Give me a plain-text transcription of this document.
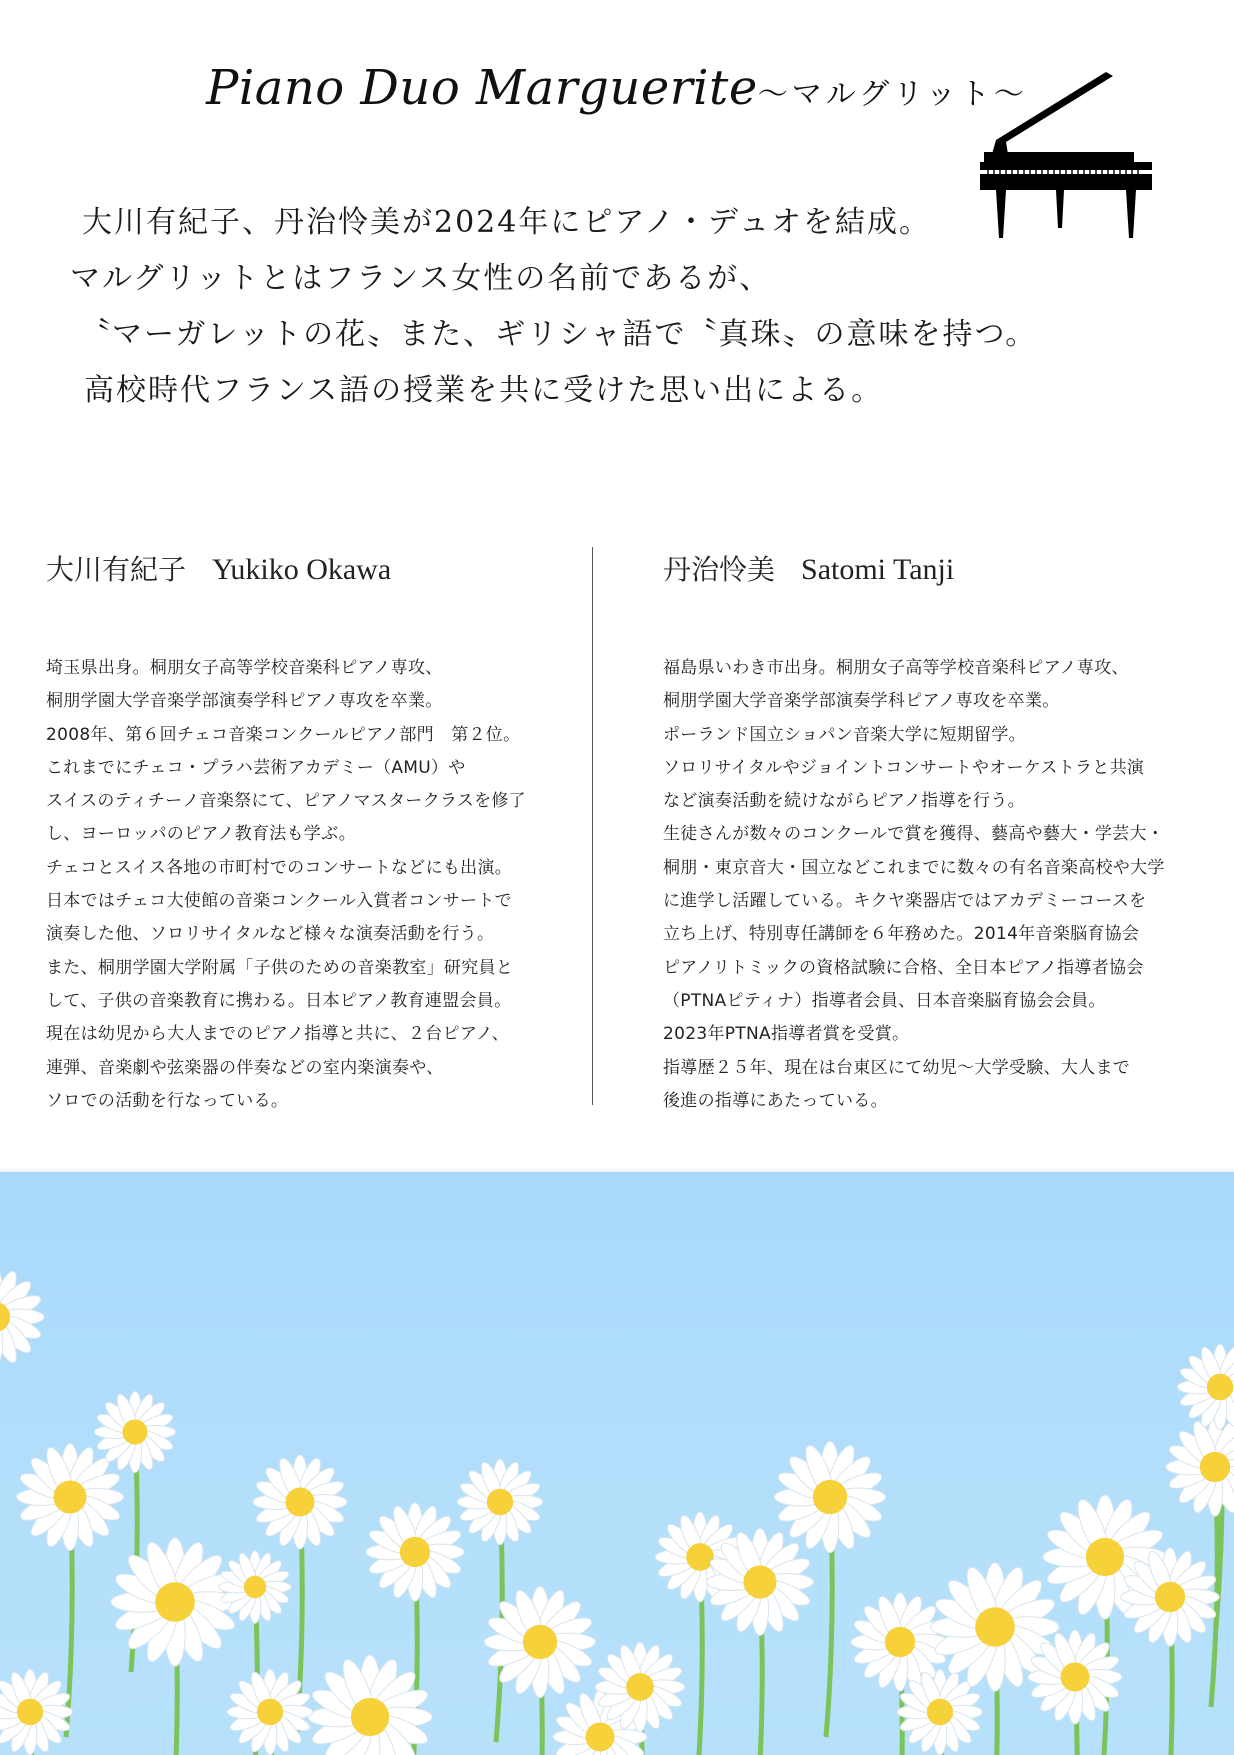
Piano Duo Marguerite〜マルグリット〜
大川有紀子、丹治怜美が2024年にピアノ・デュオを結成。
マルグリットとはフランス女性の名前であるが、
〝マーガレットの花〟また、ギリシャ語で〝真珠〟の意味を持つ。
高校時代フランス語の授業を共に受けた思い出による。
大川有紀子 Yukiko Okawa
埼玉県出身。桐朋女子高等学校音楽科ピアノ専攻、
桐朋学園大学音楽学部演奏学科ピアノ専攻を卒業。
2008年、第６回チェコ音楽コンクールピアノ部門　第２位。
これまでにチェコ・プラハ芸術アカデミー（AMU）や
スイスのティチーノ音楽祭にて、ピアノマスタークラスを修了
し、ヨーロッパのピアノ教育法も学ぶ。
チェコとスイス各地の市町村でのコンサートなどにも出演。
日本ではチェコ大使館の音楽コンクール入賞者コンサートで
演奏した他、ソロリサイタルなど様々な演奏活動を行う。
また、桐朋学園大学附属「子供のための音楽教室」研究員と
して、子供の音楽教育に携わる。日本ピアノ教育連盟会員。
現在は幼児から大人までのピアノ指導と共に、２台ピアノ、
連弾、音楽劇や弦楽器の伴奏などの室内楽演奏や、
ソロでの活動を行なっている。
丹治怜美 Satomi Tanji
福島県いわき市出身。桐朋女子高等学校音楽科ピアノ専攻、
桐朋学園大学音楽学部演奏学科ピアノ専攻を卒業。
ポーランド国立ショパン音楽大学に短期留学。
ソロリサイタルやジョイントコンサートやオーケストラと共演
など演奏活動を続けながらピアノ指導を行う。
生徒さんが数々のコンクールで賞を獲得、藝高や藝大・学芸大・
桐朋・東京音大・国立などこれまでに数々の有名音楽高校や大学
に進学し活躍している。キクヤ楽器店ではアカデミーコースを
立ち上げ、特別専任講師を６年務めた。2014年音楽脳育協会
ピアノリトミックの資格試験に合格、全日本ピアノ指導者協会
（PTNAピティナ）指導者会員、日本音楽脳育協会会員。
2023年PTNA指導者賞を受賞。
指導歴２５年、現在は台東区にて幼児〜大学受験、大人まで
後進の指導にあたっている。
